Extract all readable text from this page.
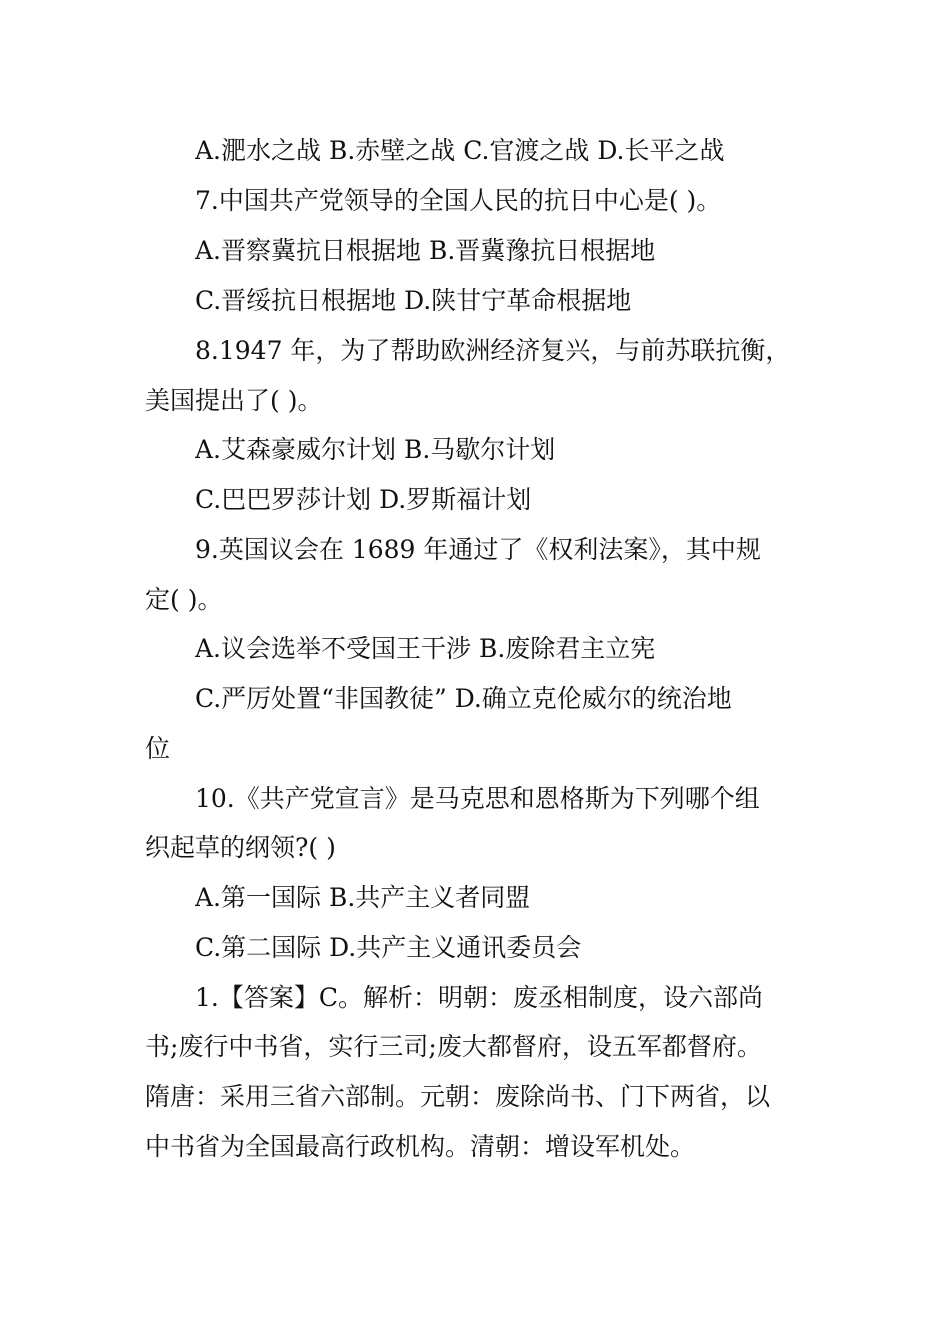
A.淝水之战 B.赤壁之战 C.官渡之战 D.长平之战
7.中国共产党领导的全国人民的抗日中心是( )。
A.晋察冀抗日根据地 B.晋冀豫抗日根据地
C.晋绥抗日根据地 D.陕甘宁革命根据地
8.1947 年，为了帮助欧洲经济复兴，与前苏联抗衡，
美国提出了( )。
A.艾森豪威尔计划 B.马歇尔计划
C.巴巴罗莎计划 D.罗斯福计划
9.英国议会在 1689 年通过了《权利法案》，其中规
定( )。
A.议会选举不受国王干涉 B.废除君主立宪
C.严厉处置“非国教徒” D.确立克伦威尔的统治地
位
10.《共产党宣言》是马克思和恩格斯为下列哪个组
织起草的纲领?( )
A.第一国际 B.共产主义者同盟
C.第二国际 D.共产主义通讯委员会
1.【答案】C。解析：明朝：废丞相制度，设六部尚
书;废行中书省，实行三司;废大都督府，设五军都督府。
隋唐：采用三省六部制。元朝：废除尚书、门下两省，以
中书省为全国最高行政机构。清朝：增设军机处。
